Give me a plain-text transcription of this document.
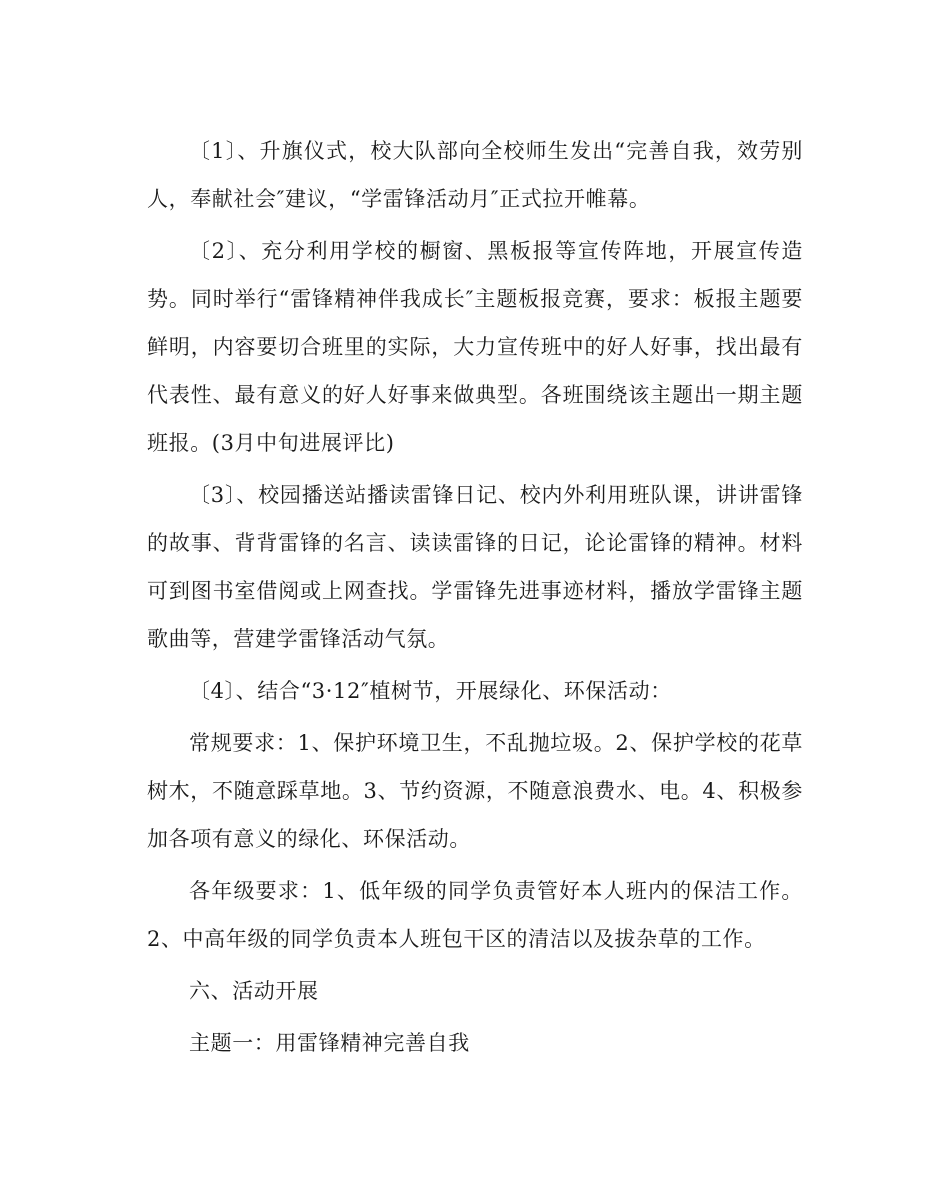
〔1〕、升旗仪式，校大队部向全校师生发出“完善自我，效劳别人，奉献社会″建议，“学雷锋活动月″正式拉开帷幕。

〔2〕、充分利用学校的橱窗、黑板报等宣传阵地，开展宣传造势。同时举行“雷锋精神伴我成长″主题板报竞赛，要求：板报主题要鲜明，内容要切合班里的实际，大力宣传班中的好人好事，找出最有代表性、最有意义的好人好事来做典型。各班围绕该主题出一期主题班报。(3月中旬进展评比)

〔3〕、校园播送站播读雷锋日记、校内外利用班队课，讲讲雷锋的故事、背背雷锋的名言、读读雷锋的日记，论论雷锋的精神。材料可到图书室借阅或上网查找。学雷锋先进事迹材料，播放学雷锋主题歌曲等，营建学雷锋活动气氛。

〔4〕、结合“3·12″植树节，开展绿化、环保活动：

常规要求：1、保护环境卫生，不乱抛垃圾。2、保护学校的花草树木，不随意踩草地。3、节约资源，不随意浪费水、电。4、积极参加各项有意义的绿化、环保活动。

各年级要求：1、低年级的同学负责管好本人班内的保洁工作。2、中高年级的同学负责本人班包干区的清洁以及拔杂草的工作。

六、活动开展

主题一：用雷锋精神完善自我
